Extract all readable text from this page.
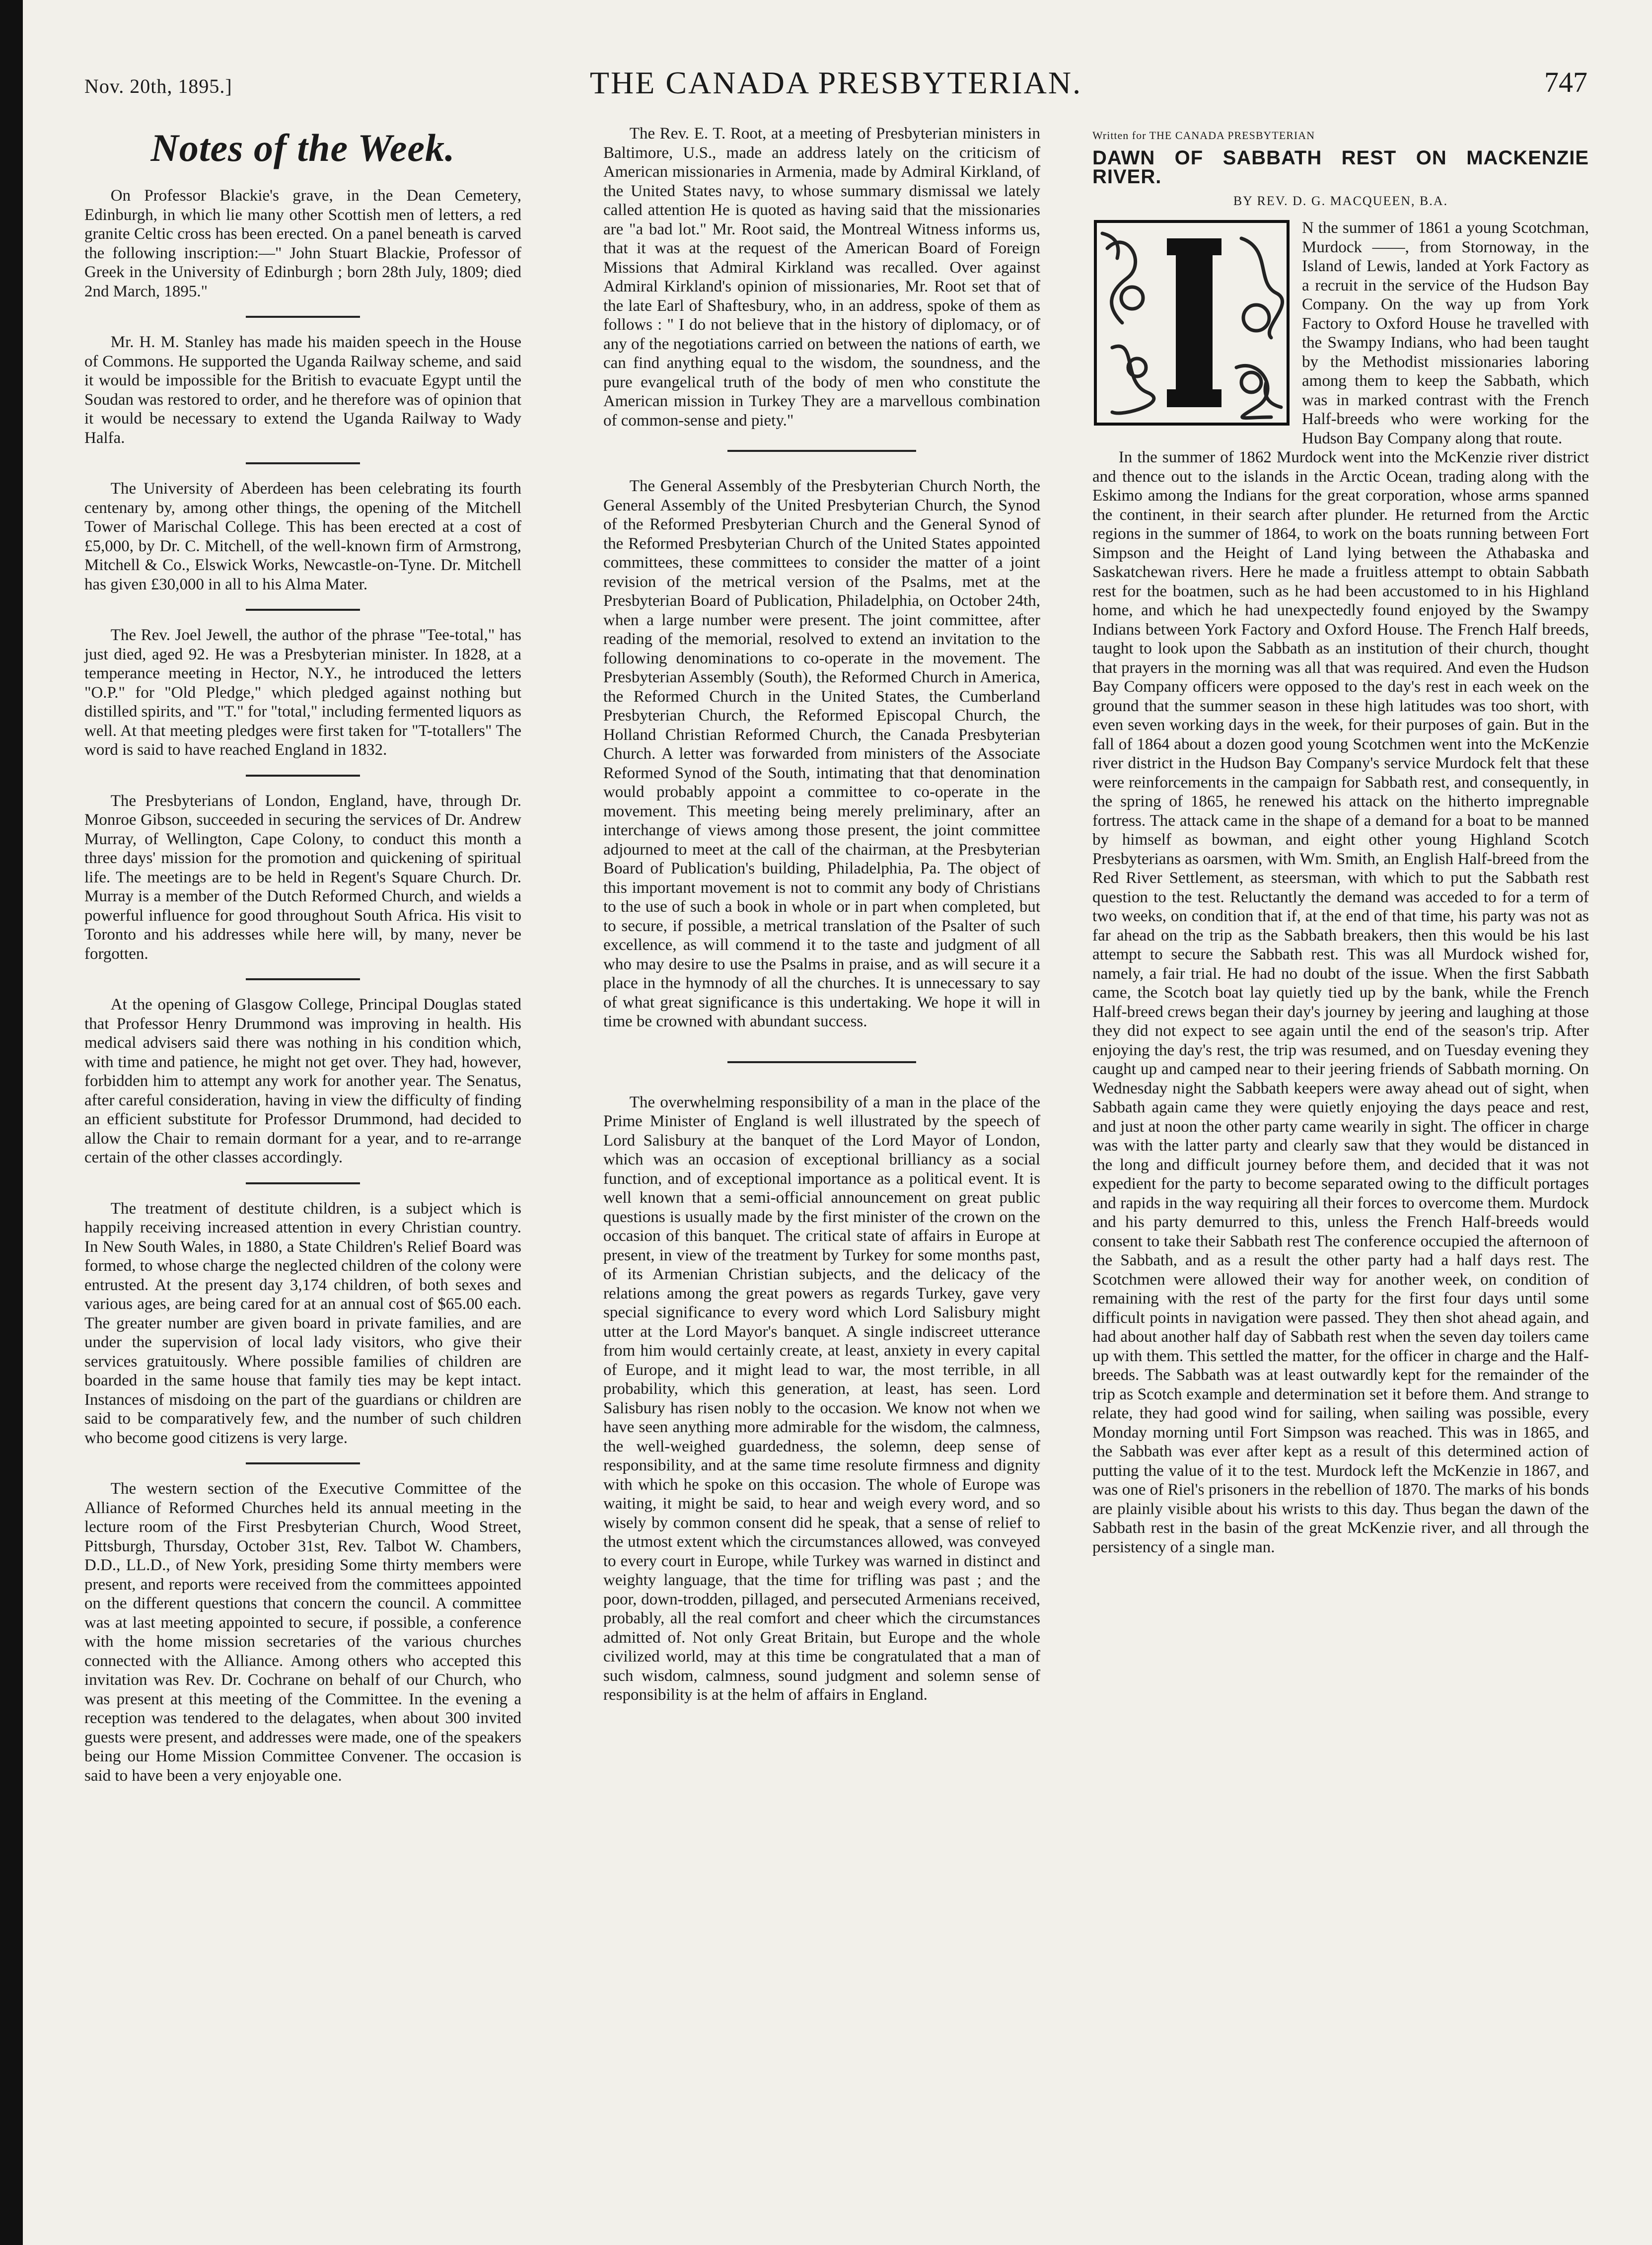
Nov. 20th, 1895.]	THE CANADA PRESBYTERIAN.	747
Notes of the Week.

On Professor Blackie's grave, in the Dean Cemetery, Edinburgh, in which lie many other Scottish men of letters, a red granite Celtic cross has been erected. On a panel beneath is carved the following inscription:—" John Stuart Blackie, Professor of Greek in the University of Edinburgh ; born 28th July, 1809; died 2nd March, 1895."

Mr. H. M. Stanley has made his maiden speech in the House of Commons. He supported the Uganda Railway scheme, and said it would be impossible for the British to evacuate Egypt until the Soudan was restored to order, and he therefore was of opinion that it would be necessary to extend the Uganda Railway to Wady Halfa.

The University of Aberdeen has been celebrating its fourth centenary by, among other things, the opening of the Mitchell Tower of Marischal College. This has been erected at a cost of £5,000, by Dr. C. Mitchell, of the well-known firm of Armstrong, Mitchell & Co., Elswick Works, Newcastle-on-Tyne. Dr. Mitchell has given £30,000 in all to his Alma Mater.

The Rev. Joel Jewell, the author of the phrase "Tee-total," has just died, aged 92. He was a Presbyterian minister. In 1828, at a temperance meeting in Hector, N.Y., he introduced the letters "O.P." for "Old Pledge," which pledged against nothing but distilled spirits, and "T." for "total," including fermented liquors as well. At that meeting pledges were first taken for "T-totallers" The word is said to have reached England in 1832.

The Presbyterians of London, England, have, through Dr. Monroe Gibson, succeeded in securing the services of Dr. Andrew Murray, of Wellington, Cape Colony, to conduct this month a three days' mission for the promotion and quickening of spiritual life. The meetings are to be held in Regent's Square Church. Dr. Murray is a member of the Dutch Reformed Church, and wields a powerful influence for good throughout South Africa. His visit to Toronto and his addresses while here will, by many, never be forgotten.

At the opening of Glasgow College, Principal Douglas stated that Professor Henry Drummond was improving in health. His medical advisers said there was nothing in his condition which, with time and patience, he might not get over. They had, however, forbidden him to attempt any work for another year. The Senatus, after careful consideration, having in view the difficulty of finding an efficient substitute for Professor Drummond, had decided to allow the Chair to remain dormant for a year, and to re-arrange certain of the other classes accordingly.

The treatment of destitute children, is a subject which is happily receiving increased attention in every Christian country. In New South Wales, in 1880, a State Children's Relief Board was formed, to whose charge the neglected children of the colony were entrusted. At the present day 3,174 children, of both sexes and various ages, are being cared for at an annual cost of $65.00 each. The greater number are given board in private families, and are under the supervision of local lady visitors, who give their services gratuitously. Where possible families of children are boarded in the same house that family ties may be kept intact. Instances of misdoing on the part of the guardians or children are said to be comparatively few, and the number of such children who become good citizens is very large.

The western section of the Executive Committee of the Alliance of Reformed Churches held its annual meeting in the lecture room of the First Presbyterian Church, Wood Street, Pittsburgh, Thursday, October 31st, Rev. Talbot W. Chambers, D.D., LL.D., of New York, presiding Some thirty members were present, and reports were received from the committees appointed on the different questions that concern the council. A committee was at last meeting appointed to secure, if possible, a conference with the home mission secretaries of the various churches connected with the Alliance. Among others who accepted this invitation was Rev. Dr. Cochrane on behalf of our Church, who was present at this meeting of the Committee. In the evening a reception was tendered to the delagates, when about 300 invited guests were present, and addresses were made, one of the speakers being our Home Mission Committee Convener. The occasion is said to have been a very enjoyable one.

The Rev. E. T. Root, at a meeting of Presbyterian ministers in Baltimore, U.S., made an address lately on the criticism of American missionaries in Armenia, made by Admiral Kirkland, of the United States navy, to whose summary dismissal we lately called attention He is quoted as having said that the missionaries are "a bad lot." Mr. Root said, the Montreal Witness informs us, that it was at the request of the American Board of Foreign Missions that Admiral Kirkland was recalled. Over against Admiral Kirkland's opinion of missionaries, Mr. Root set that of the late Earl of Shaftesbury, who, in an address, spoke of them as follows : " I do not believe that in the history of diplomacy, or of any of the negotiations carried on between the nations of earth, we can find anything equal to the wisdom, the soundness, and the pure evangelical truth of the body of men who constitute the American mission in Turkey They are a marvellous combination of common-sense and piety."

The General Assembly of the Presbyterian Church North, the General Assembly of the United Presbyterian Church, the Synod of the Reformed Presbyterian Church and the General Synod of the Reformed Presbyterian Church of the United States appointed committees, these committees to consider the matter of a joint revision of the metrical version of the Psalms, met at the Presbyterian Board of Publication, Philadelphia, on October 24th, when a large number were present. The joint committee, after reading of the memorial, resolved to extend an invitation to the following denominations to co-operate in the movement. The Presbyterian Assembly (South), the Reformed Church in America, the Reformed Church in the United States, the Cumberland Presbyterian Church, the Reformed Episcopal Church, the Holland Christian Reformed Church, the Canada Presbyterian Church. A letter was forwarded from ministers of the Associate Reformed Synod of the South, intimating that that denomination would probably appoint a committee to co-operate in the movement. This meeting being merely preliminary, after an interchange of views among those present, the joint committee adjourned to meet at the call of the chairman, at the Presbyterian Board of Publication's building, Philadelphia, Pa. The object of this important movement is not to commit any body of Christians to the use of such a book in whole or in part when completed, but to secure, if possible, a metrical translation of the Psalter of such excellence, as will commend it to the taste and judgment of all who may desire to use the Psalms in praise, and as will secure it a place in the hymnody of all the churches. It is unnecessary to say of what great significance is this undertaking. We hope it will in time be crowned with abundant success.

The overwhelming responsibility of a man in the place of the Prime Minister of England is well illustrated by the speech of Lord Salisbury at the banquet of the Lord Mayor of London, which was an occasion of exceptional brilliancy as a social function, and of exceptional importance as a political event. It is well known that a semi-official announcement on great public questions is usually made by the first minister of the crown on the occasion of this banquet. The critical state of affairs in Europe at present, in view of the treatment by Turkey for some months past, of its Armenian Christian subjects, and the delicacy of the relations among the great powers as regards Turkey, gave very special significance to every word which Lord Salisbury might utter at the Lord Mayor's banquet. A single indiscreet utterance from him would certainly create, at least, anxiety in every capital of Europe, and it might lead to war, the most terrible, in all probability, which this generation, at least, has seen. Lord Salisbury has risen nobly to the occasion. We know not when we have seen anything more admirable for the wisdom, the calmness, the well-weighed guardedness, the solemn, deep sense of responsibility, and at the same time resolute firmness and dignity with which he spoke on this occasion. The whole of Europe was waiting, it might be said, to hear and weigh every word, and so wisely by common consent did he speak, that a sense of relief to the utmost extent which the circumstances allowed, was conveyed to every court in Europe, while Turkey was warned in distinct and weighty language, that the time for trifling was past ; and the poor, down-trodden, pillaged, and persecuted Armenians received, probably, all the real comfort and cheer which the circumstances admitted of. Not only Great Britain, but Europe and the whole civilized world, may at this time be congratulated that a man of such wisdom, calmness, sound judgment and solemn sense of responsibility is at the helm of affairs in England.

Written for THE CANADA PRESBYTERIAN
DAWN OF SABBATH REST ON MACKENZIE RIVER.
BY REV. D. G. MACQUEEN, B.A.

N the summer of 1861 a young Scotchman, Murdock ——, from Stornoway, in the Island of Lewis, landed at York Factory as a recruit in the service of the Hudson Bay Company. On the way up from York Factory to Oxford House he travelled with the Swampy Indians, who had been taught by the Methodist missionaries laboring among them to keep the Sabbath, which was in marked contrast with the French Half-breeds who were working for the Hudson Bay Company along that route.

In the summer of 1862 Murdock went into the McKenzie river district and thence out to the islands in the Arctic Ocean, trading along with the Eskimo among the Indians for the great corporation, whose arms spanned the continent, in their search after plunder. He returned from the Arctic regions in the summer of 1864, to work on the boats running between Fort Simpson and the Height of Land lying between the Athabaska and Saskatchewan rivers. Here he made a fruitless attempt to obtain Sabbath rest for the boatmen, such as he had been accustomed to in his Highland home, and which he had unexpectedly found enjoyed by the Swampy Indians between York Factory and Oxford House. The French Half breeds, taught to look upon the Sabbath as an institution of their church, thought that prayers in the morning was all that was required. And even the Hudson Bay Company officers were opposed to the day's rest in each week on the ground that the summer season in these high latitudes was too short, with even seven working days in the week, for their purposes of gain. But in the fall of 1864 about a dozen good young Scotchmen went into the McKenzie river district in the Hudson Bay Company's service Murdock felt that these were reinforcements in the campaign for Sabbath rest, and consequently, in the spring of 1865, he renewed his attack on the hitherto impregnable fortress. The attack came in the shape of a demand for a boat to be manned by himself as bowman, and eight other young Highland Scotch Presbyterians as oarsmen, with Wm. Smith, an English Half-breed from the Red River Settlement, as steersman, with which to put the Sabbath rest question to the test. Reluctantly the demand was acceded to for a term of two weeks, on condition that if, at the end of that time, his party was not as far ahead on the trip as the Sabbath breakers, then this would be his last attempt to secure the Sabbath rest. This was all Murdock wished for, namely, a fair trial. He had no doubt of the issue. When the first Sabbath came, the Scotch boat lay quietly tied up by the bank, while the French Half-breed crews began their day's journey by jeering and laughing at those they did not expect to see again until the end of the season's trip. After enjoying the day's rest, the trip was resumed, and on Tuesday evening they caught up and camped near to their jeering friends of Sabbath morning. On Wednesday night the Sabbath keepers were away ahead out of sight, when Sabbath again came they were quietly enjoying the days peace and rest, and just at noon the other party came wearily in sight. The officer in charge was with the latter party and clearly saw that they would be distanced in the long and difficult journey before them, and decided that it was not expedient for the party to become separated owing to the difficult portages and rapids in the way requiring all their forces to overcome them. Murdock and his party demurred to this, unless the French Half-breeds would consent to take their Sabbath rest The conference occupied the afternoon of the Sabbath, and as a result the other party had a half days rest. The Scotchmen were allowed their way for another week, on condition of remaining with the rest of the party for the first four days until some difficult points in navigation were passed. They then shot ahead again, and had about another half day of Sabbath rest when the seven day toilers came up with them. This settled the matter, for the officer in charge and the Half-breeds. The Sabbath was at least outwardly kept for the remainder of the trip as Scotch example and determination set it before them. And strange to relate, they had good wind for sailing, when sailing was possible, every Monday morning until Fort Simpson was reached. This was in 1865, and the Sabbath was ever after kept as a result of this determined action of putting the value of it to the test. Murdock left the McKenzie in 1867, and was one of Riel's prisoners in the rebellion of 1870. The marks of his bonds are plainly visible about his wrists to this day. Thus began the dawn of the Sabbath rest in the basin of the great McKenzie river, and all through the persistency of a single man.
